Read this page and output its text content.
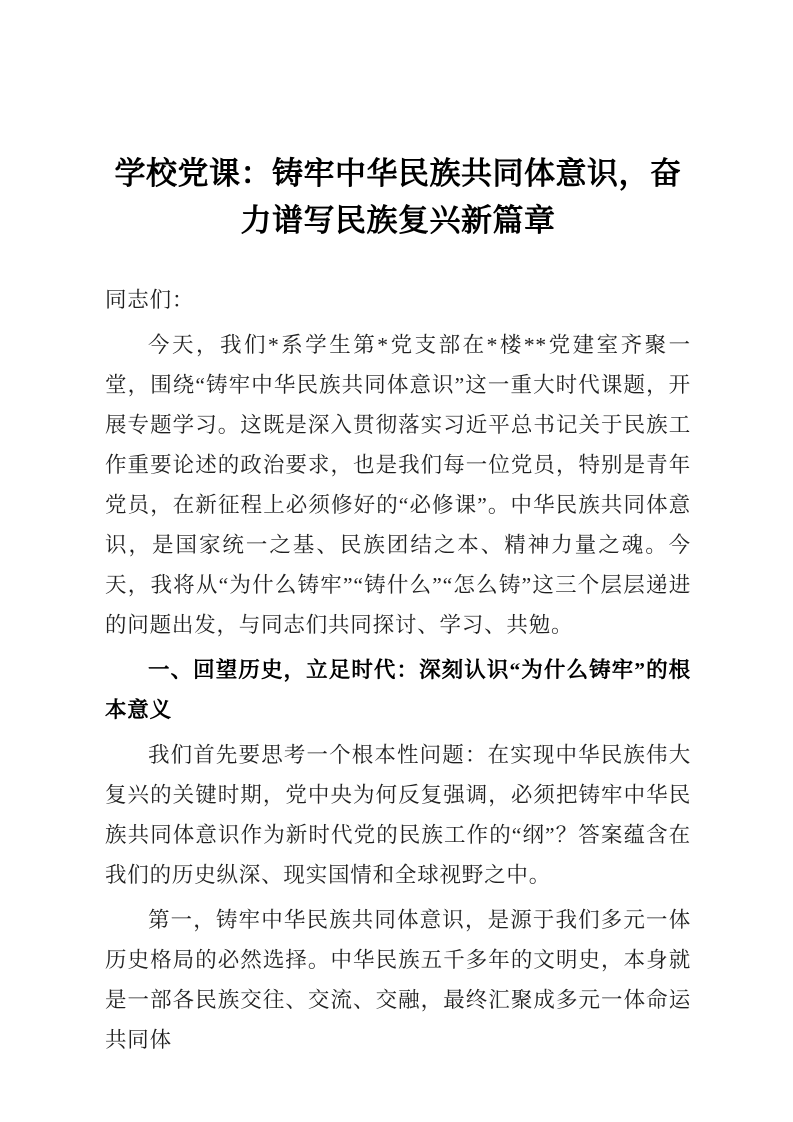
学校党课：铸牢中华民族共同体意识，奋力谱写民族复兴新篇章

同志们：

今天，我们*系学生第*党支部在*楼**党建室齐聚一堂，围绕“铸牢中华民族共同体意识”这一重大时代课题，开展专题学习。这既是深入贯彻落实习近平总书记关于民族工作重要论述的政治要求，也是我们每一位党员，特别是青年党员，在新征程上必须修好的“必修课”。中华民族共同体意识，是国家统一之基、民族团结之本、精神力量之魂。今天，我将从“为什么铸牢”“铸什么”“怎么铸”这三个层层递进的问题出发，与同志们共同探讨、学习、共勉。

一、回望历史，立足时代：深刻认识“为什么铸牢”的根本意义

我们首先要思考一个根本性问题：在实现中华民族伟大复兴的关键时期，党中央为何反复强调，必须把铸牢中华民族共同体意识作为新时代党的民族工作的“纲”？答案蕴含在我们的历史纵深、现实国情和全球视野之中。

第一，铸牢中华民族共同体意识，是源于我们多元一体历史格局的必然选择。中华民族五千多年的文明史，本身就是一部各民族交往、交流、交融，最终汇聚成多元一体命运共同体
